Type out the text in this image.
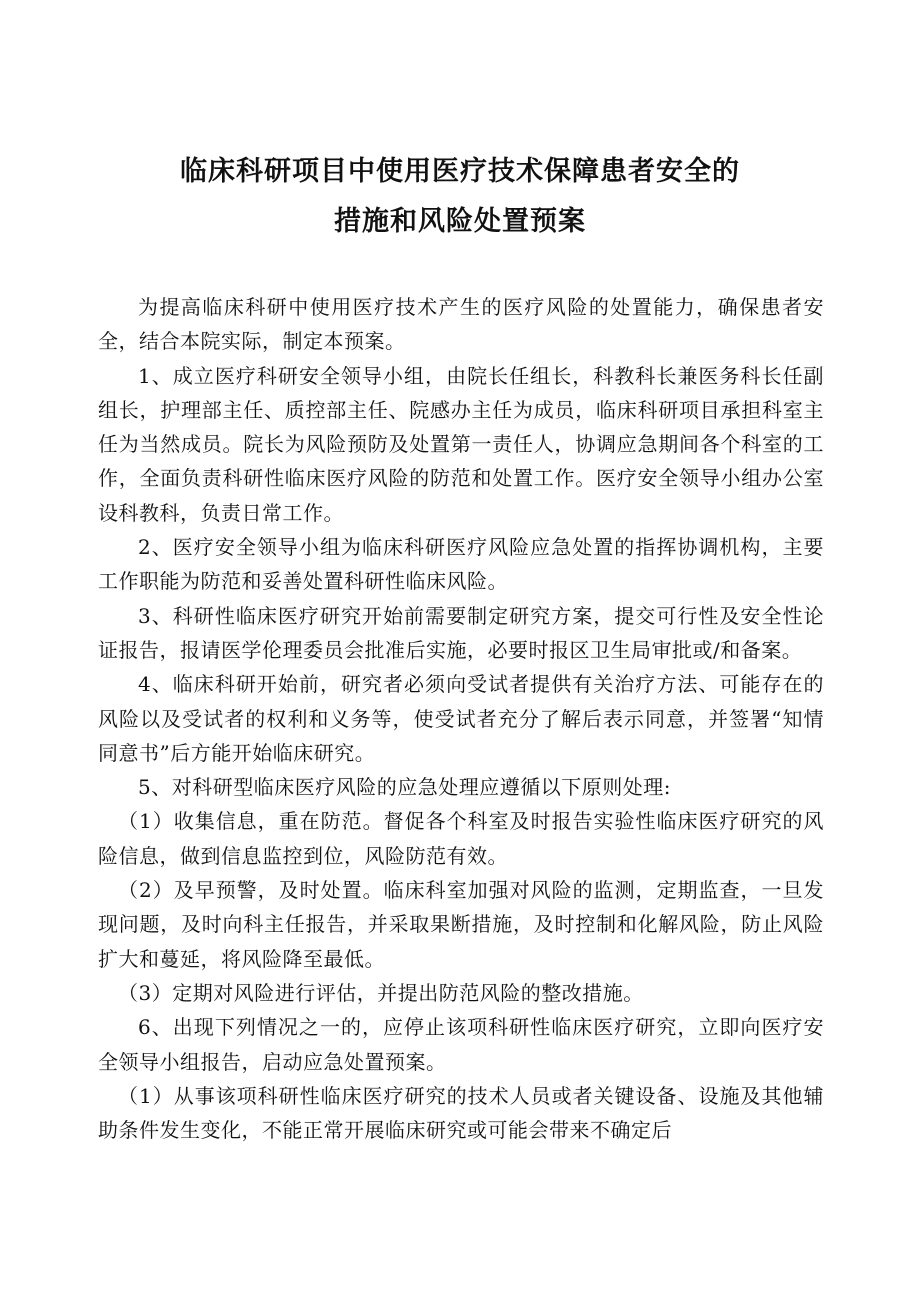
临床科研项目中使用医疗技术保障患者安全的
措施和风险处置预案

为提高临床科研中使用医疗技术产生的医疗风险的处置能力，确保患者安全，结合本院实际，制定本预案。

1、成立医疗科研安全领导小组，由院长任组长，科教科长兼医务科长任副组长，护理部主任、质控部主任、院感办主任为成员，临床科研项目承担科室主任为当然成员。院长为风险预防及处置第一责任人，协调应急期间各个科室的工作，全面负责科研性临床医疗风险的防范和处置工作。医疗安全领导小组办公室设科教科，负责日常工作。

2、医疗安全领导小组为临床科研医疗风险应急处置的指挥协调机构，主要工作职能为防范和妥善处置科研性临床风险。

3、科研性临床医疗研究开始前需要制定研究方案，提交可行性及安全性论证报告，报请医学伦理委员会批准后实施，必要时报区卫生局审批或/和备案。

4、临床科研开始前，研究者必须向受试者提供有关治疗方法、可能存在的风险以及受试者的权利和义务等，使受试者充分了解后表示同意，并签署“知情同意书”后方能开始临床研究。

5、对科研型临床医疗风险的应急处理应遵循以下原则处理:

（1）收集信息，重在防范。督促各个科室及时报告实验性临床医疗研究的风险信息，做到信息监控到位，风险防范有效。

（2）及早预警，及时处置。临床科室加强对风险的监测，定期监查，一旦发现问题，及时向科主任报告，并采取果断措施，及时控制和化解风险，防止风险扩大和蔓延，将风险降至最低。

（3）定期对风险进行评估，并提出防范风险的整改措施。

6、出现下列情况之一的，应停止该项科研性临床医疗研究，立即向医疗安全领导小组报告，启动应急处置预案。

（1）从事该项科研性临床医疗研究的技术人员或者关键设备、设施及其他辅助条件发生变化，不能正常开展临床研究或可能会带来不确定后
